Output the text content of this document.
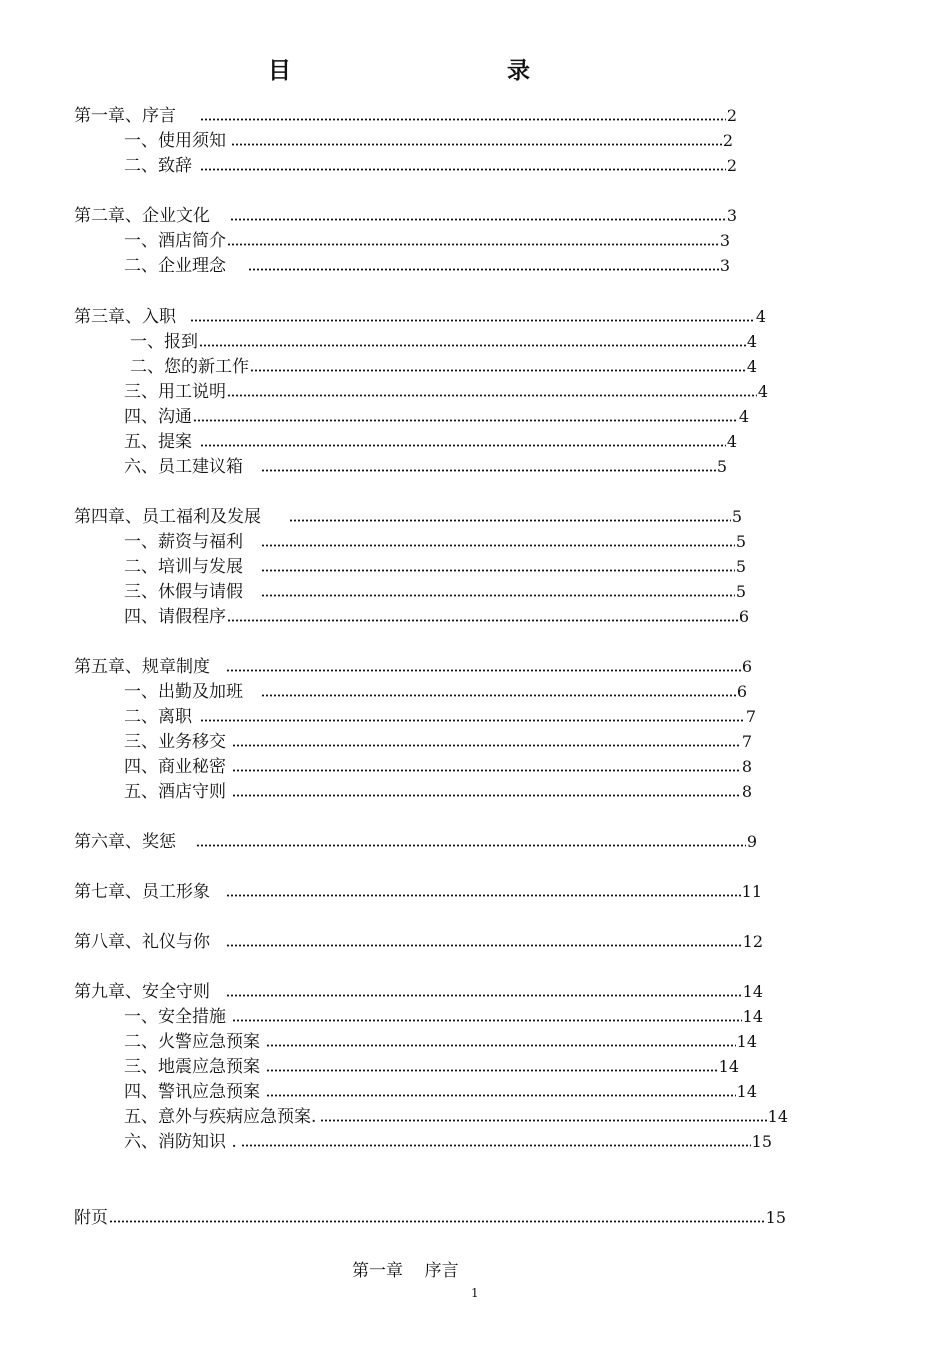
目	录
第一章、序言	2
一、使用须知	2
二、致辞	2
第二章、企业文化	3
一、酒店简介	3
二、企业理念	3
第三章、入职	4
一、报到	4
二、您的新工作	4
三、用工说明	4
四、沟通	4
五、提案	4
六、员工建议箱	5
第四章、员工福利及发展	5
一、薪资与福利	5
二、培训与发展	5
三、休假与请假	5
四、请假程序	6
第五章、规章制度	6
一、出勤及加班	6
二、离职	7
三、业务移交	7
四、商业秘密	8
五、酒店守则	8
第六章、奖惩	9
第七章、员工形象	11
第八章、礼仪与你	12
第九章、安全守则	14
一、安全措施	14
二、火警应急预案	14
三、地震应急预案	14
四、警讯应急预案	14
五、意外与疾病应急预案.	14
六、消防知识 .	15
附页	15
第一章    序言
1
